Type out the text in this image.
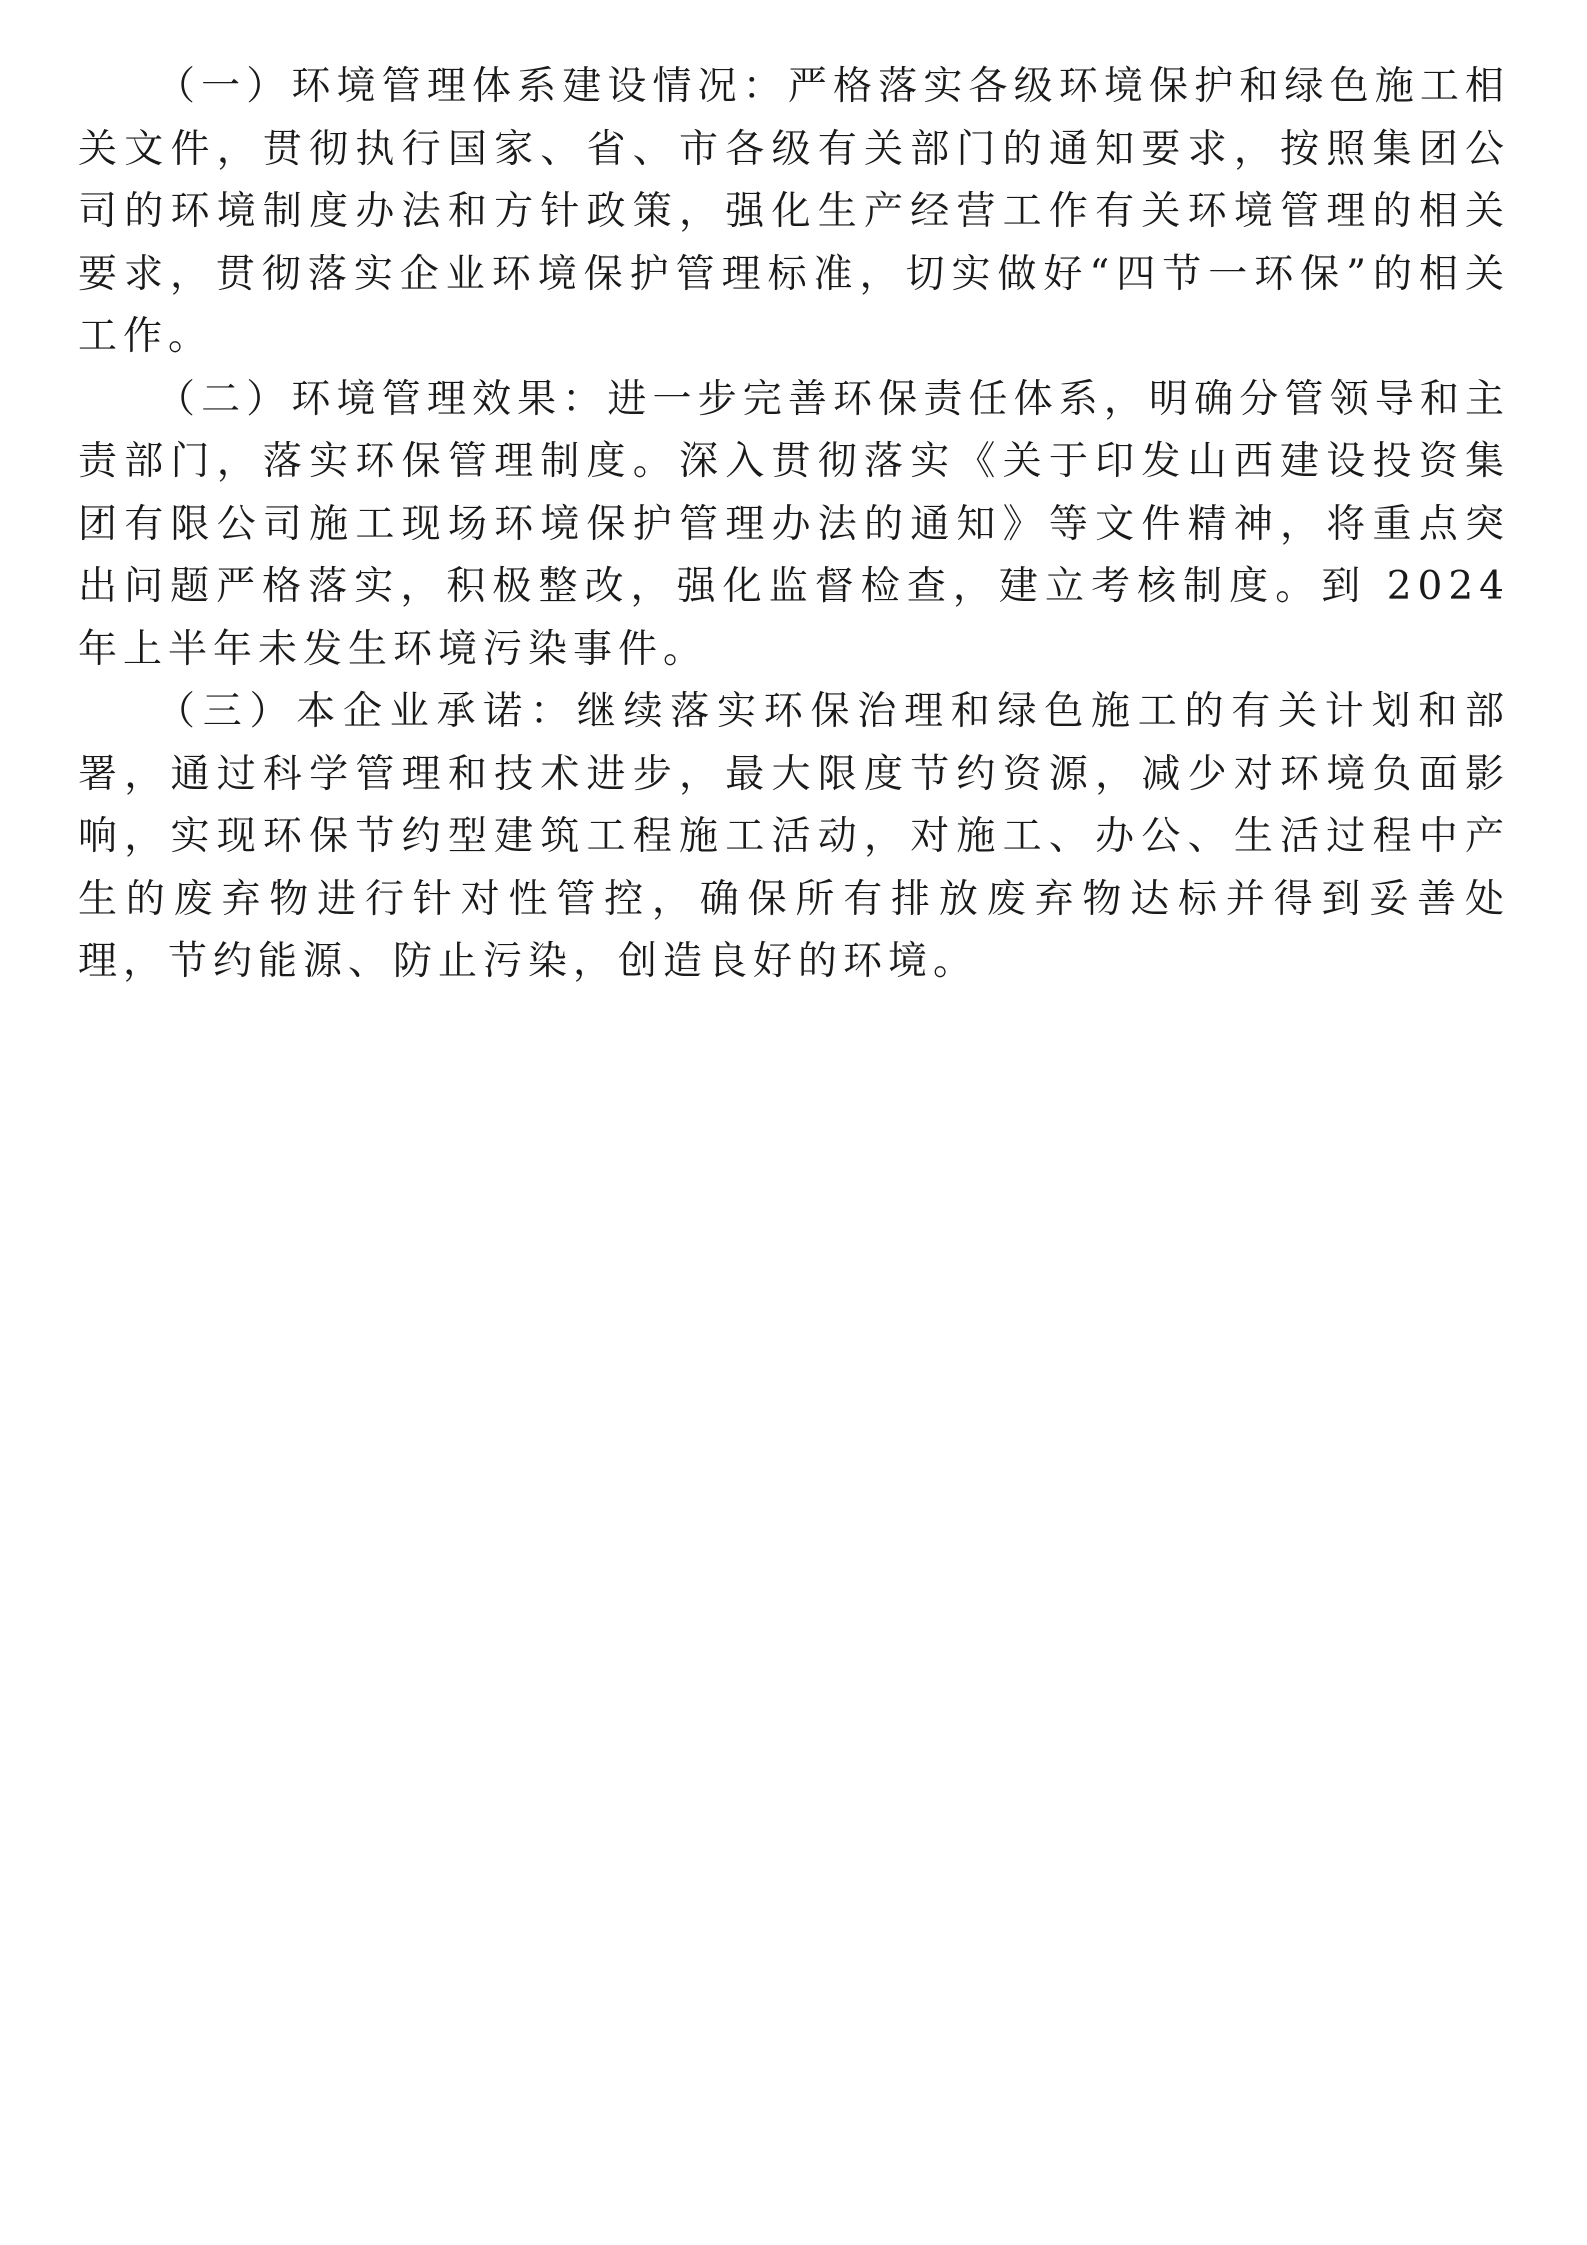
（一）环境管理体系建设情况：严格落实各级环境保护和绿色施工相关文件，贯彻执行国家、省、市各级有关部门的通知要求，按照集团公司的环境制度办法和方针政策，强化生产经营工作有关环境管理的相关要求，贯彻落实企业环境保护管理标准，切实做好“四节一环保”的相关工作。

（二）环境管理效果：进一步完善环保责任体系，明确分管领导和主责部门，落实环保管理制度。深入贯彻落实《关于印发山西建设投资集团有限公司施工现场环境保护管理办法的通知》等文件精神，将重点突出问题严格落实，积极整改，强化监督检查，建立考核制度。到 2024 年上半年未发生环境污染事件。

（三）本企业承诺：继续落实环保治理和绿色施工的有关计划和部署，通过科学管理和技术进步，最大限度节约资源，减少对环境负面影响，实现环保节约型建筑工程施工活动，对施工、办公、生活过程中产生的废弃物进行针对性管控，确保所有排放废弃物达标并得到妥善处理，节约能源、防止污染，创造良好的环境。
